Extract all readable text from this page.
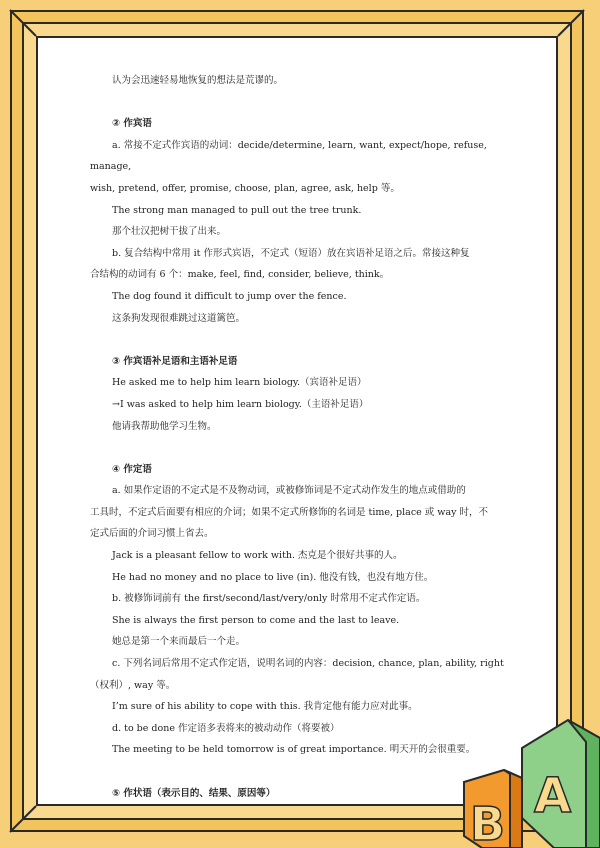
认为会迅速轻易地恢复的想法是荒谬的。

② 作宾语

a. 常接不定式作宾语的动词：decide/determine, learn, want, expect/hope, refuse, manage,

wish, pretend, offer, promise, choose, plan, agree, ask, help 等。

The strong man managed to pull out the tree trunk.

那个壮汉把树干拔了出来。

b. 复合结构中常用 it 作形式宾语，不定式（短语）放在宾语补足语之后。常接这种复

合结构的动词有 6 个：make, feel, find, consider, believe, think。

The dog found it difficult to jump over the fence.

这条狗发现很难跳过这道篱笆。

③ 作宾语补足语和主语补足语

He asked me to help him learn biology.（宾语补足语）

→I was asked to help him learn biology.（主语补足语）

他请我帮助他学习生物。

④ 作定语

a. 如果作定语的不定式是不及物动词，或被修饰词是不定式动作发生的地点或借助的

工具时，不定式后面要有相应的介词；如果不定式所修饰的名词是 time, place 或 way 时，不

定式后面的介词习惯上省去。

Jack is a pleasant fellow to work with. 杰克是个很好共事的人。

He had no money and no place to live (in). 他没有钱，也没有地方住。

b. 被修饰词前有 the first/second/last/very/only 时常用不定式作定语。

She is always the first person to come and the last to leave.

她总是第一个来而最后一个走。

c. 下列名词后常用不定式作定语，说明名词的内容：decision, chance, plan, ability, right

（权利）, way 等。

I’m sure of his ability to cope with this. 我肯定他有能力应对此事。

d. to be done 作定语多表将来的被动动作（将要被）

The meeting to be held tomorrow is of great importance. 明天开的会很重要。

⑤ 作状语（表示目的、结果、原因等）	A
B
